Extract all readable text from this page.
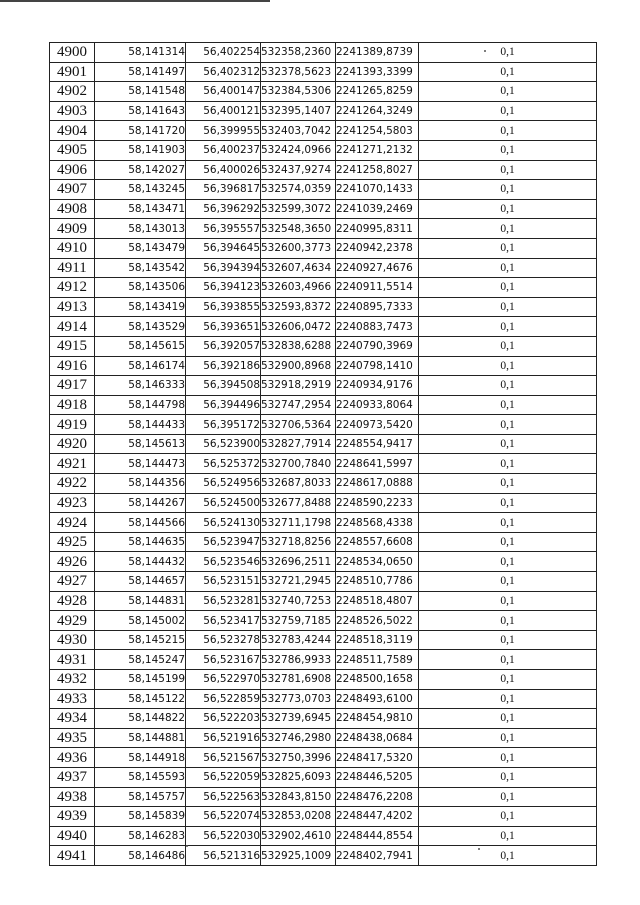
4900	58,141314	56,402254	532358,2360	2241389,8739	0,1
4901	58,141497	56,402312	532378,5623	2241393,3399	0,1
4902	58,141548	56,400147	532384,5306	2241265,8259	0,1
4903	58,141643	56,400121	532395,1407	2241264,3249	0,1
4904	58,141720	56,399955	532403,7042	2241254,5803	0,1
4905	58,141903	56,400237	532424,0966	2241271,2132	0,1
4906	58,142027	56,400026	532437,9274	2241258,8027	0,1
4907	58,143245	56,396817	532574,0359	2241070,1433	0,1
4908	58,143471	56,396292	532599,3072	2241039,2469	0,1
4909	58,143013	56,395557	532548,3650	2240995,8311	0,1
4910	58,143479	56,394645	532600,3773	2240942,2378	0,1
4911	58,143542	56,394394	532607,4634	2240927,4676	0,1
4912	58,143506	56,394123	532603,4966	2240911,5514	0,1
4913	58,143419	56,393855	532593,8372	2240895,7333	0,1
4914	58,143529	56,393651	532606,0472	2240883,7473	0,1
4915	58,145615	56,392057	532838,6288	2240790,3969	0,1
4916	58,146174	56,392186	532900,8968	2240798,1410	0,1
4917	58,146333	56,394508	532918,2919	2240934,9176	0,1
4918	58,144798	56,394496	532747,2954	2240933,8064	0,1
4919	58,144433	56,395172	532706,5364	2240973,5420	0,1
4920	58,145613	56,523900	532827,7914	2248554,9417	0,1
4921	58,144473	56,525372	532700,7840	2248641,5997	0,1
4922	58,144356	56,524956	532687,8033	2248617,0888	0,1
4923	58,144267	56,524500	532677,8488	2248590,2233	0,1
4924	58,144566	56,524130	532711,1798	2248568,4338	0,1
4925	58,144635	56,523947	532718,8256	2248557,6608	0,1
4926	58,144432	56,523546	532696,2511	2248534,0650	0,1
4927	58,144657	56,523151	532721,2945	2248510,7786	0,1
4928	58,144831	56,523281	532740,7253	2248518,4807	0,1
4929	58,145002	56,523417	532759,7185	2248526,5022	0,1
4930	58,145215	56,523278	532783,4244	2248518,3119	0,1
4931	58,145247	56,523167	532786,9933	2248511,7589	0,1
4932	58,145199	56,522970	532781,6908	2248500,1658	0,1
4933	58,145122	56,522859	532773,0703	2248493,6100	0,1
4934	58,144822	56,522203	532739,6945	2248454,9810	0,1
4935	58,144881	56,521916	532746,2980	2248438,0684	0,1
4936	58,144918	56,521567	532750,3996	2248417,5320	0,1
4937	58,145593	56,522059	532825,6093	2248446,5205	0,1
4938	58,145757	56,522563	532843,8150	2248476,2208	0,1
4939	58,145839	56,522074	532853,0208	2248447,4202	0,1
4940	58,146283	56,522030	532902,4610	2248444,8554	0,1
4941	58,146486	56,521316	532925,1009	2248402,7941	0,1
